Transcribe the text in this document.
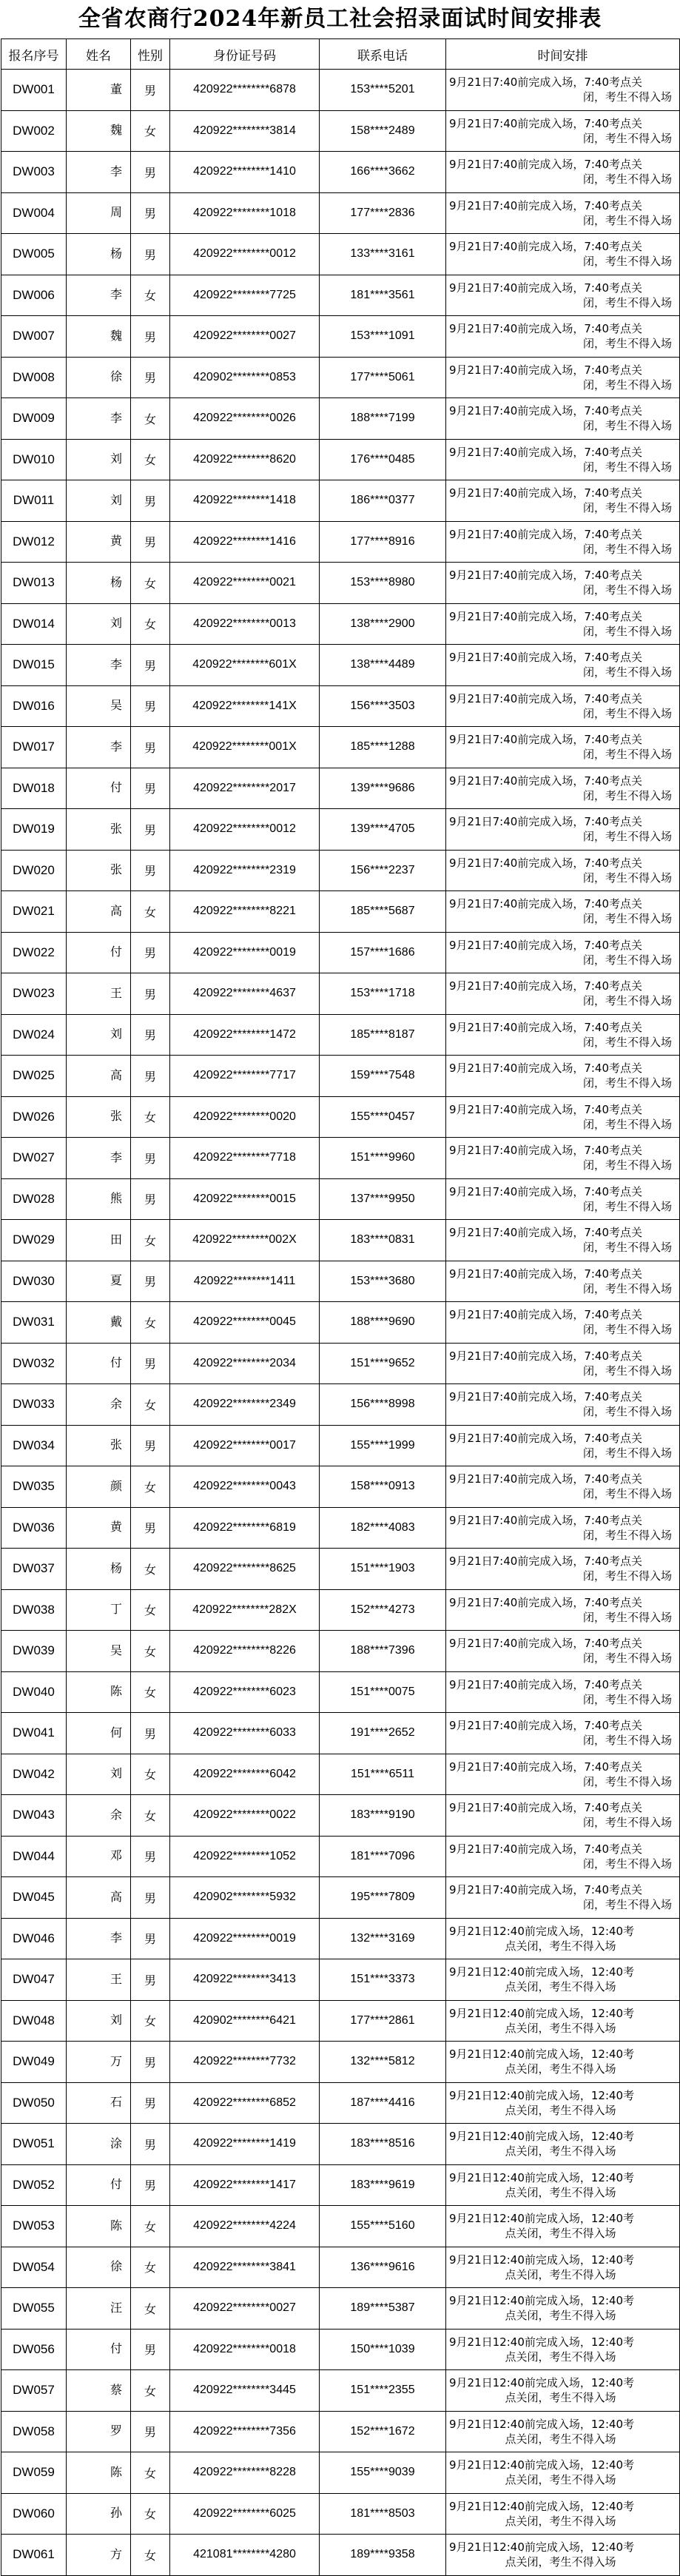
全省农商行2024年新员工社会招录面试时间安排表
报名序号	姓名	性别	身份证号码	联系电话	时间安排
DW001	董	男	420922********6878	153****5201	9月21日7:40前完成入场，7:40考点关
闭，考生不得入场

DW002	魏	女	420922********3814	158****2489	9月21日7:40前完成入场，7:40考点关
闭，考生不得入场

DW003	李	男	420922********1410	166****3662	9月21日7:40前完成入场，7:40考点关
闭，考生不得入场

DW004	周	男	420922********1018	177****2836	9月21日7:40前完成入场，7:40考点关
闭，考生不得入场

DW005	杨	男	420922********0012	133****3161	9月21日7:40前完成入场，7:40考点关
闭，考生不得入场

DW006	李	女	420922********7725	181****3561	9月21日7:40前完成入场，7:40考点关
闭，考生不得入场

DW007	魏	男	420922********0027	153****1091	9月21日7:40前完成入场，7:40考点关
闭，考生不得入场

DW008	徐	男	420902********0853	177****5061	9月21日7:40前完成入场，7:40考点关
闭，考生不得入场

DW009	李	女	420922********0026	188****7199	9月21日7:40前完成入场，7:40考点关
闭，考生不得入场

DW010	刘	女	420922********8620	176****0485	9月21日7:40前完成入场，7:40考点关
闭，考生不得入场

DW011	刘	男	420922********1418	186****0377	9月21日7:40前完成入场，7:40考点关
闭，考生不得入场

DW012	黄	男	420922********1416	177****8916	9月21日7:40前完成入场，7:40考点关
闭，考生不得入场

DW013	杨	女	420922********0021	153****8980	9月21日7:40前完成入场，7:40考点关
闭，考生不得入场

DW014	刘	女	420922********0013	138****2900	9月21日7:40前完成入场，7:40考点关
闭，考生不得入场

DW015	李	男	420922********601X	138****4489	9月21日7:40前完成入场，7:40考点关
闭，考生不得入场

DW016	吴	男	420922********141X	156****3503	9月21日7:40前完成入场，7:40考点关
闭，考生不得入场

DW017	李	男	420922********001X	185****1288	9月21日7:40前完成入场，7:40考点关
闭，考生不得入场

DW018	付	男	420922********2017	139****9686	9月21日7:40前完成入场，7:40考点关
闭，考生不得入场

DW019	张	男	420922********0012	139****4705	9月21日7:40前完成入场，7:40考点关
闭，考生不得入场

DW020	张	男	420922********2319	156****2237	9月21日7:40前完成入场，7:40考点关
闭，考生不得入场

DW021	高	女	420922********8221	185****5687	9月21日7:40前完成入场，7:40考点关
闭，考生不得入场

DW022	付	男	420922********0019	157****1686	9月21日7:40前完成入场，7:40考点关
闭，考生不得入场

DW023	王	男	420922********4637	153****1718	9月21日7:40前完成入场，7:40考点关
闭，考生不得入场

DW024	刘	男	420922********1472	185****8187	9月21日7:40前完成入场，7:40考点关
闭，考生不得入场

DW025	高	男	420922********7717	159****7548	9月21日7:40前完成入场，7:40考点关
闭，考生不得入场

DW026	张	女	420922********0020	155****0457	9月21日7:40前完成入场，7:40考点关
闭，考生不得入场

DW027	李	男	420922********7718	151****9960	9月21日7:40前完成入场，7:40考点关
闭，考生不得入场

DW028	熊	男	420922********0015	137****9950	9月21日7:40前完成入场，7:40考点关
闭，考生不得入场

DW029	田	女	420922********002X	183****0831	9月21日7:40前完成入场，7:40考点关
闭，考生不得入场

DW030	夏	男	420922********1411	153****3680	9月21日7:40前完成入场，7:40考点关
闭，考生不得入场

DW031	戴	女	420922********0045	188****9690	9月21日7:40前完成入场，7:40考点关
闭，考生不得入场

DW032	付	男	420922********2034	151****9652	9月21日7:40前完成入场，7:40考点关
闭，考生不得入场

DW033	余	女	420922********2349	156****8998	9月21日7:40前完成入场，7:40考点关
闭，考生不得入场

DW034	张	男	420922********0017	155****1999	9月21日7:40前完成入场，7:40考点关
闭，考生不得入场

DW035	颜	女	420922********0043	158****0913	9月21日7:40前完成入场，7:40考点关
闭，考生不得入场

DW036	黄	男	420922********6819	182****4083	9月21日7:40前完成入场，7:40考点关
闭，考生不得入场

DW037	杨	女	420922********8625	151****1903	9月21日7:40前完成入场，7:40考点关
闭，考生不得入场

DW038	丁	女	420922********282X	152****4273	9月21日7:40前完成入场，7:40考点关
闭，考生不得入场

DW039	吴	女	420922********8226	188****7396	9月21日7:40前完成入场，7:40考点关
闭，考生不得入场

DW040	陈	女	420922********6023	151****0075	9月21日7:40前完成入场，7:40考点关
闭，考生不得入场

DW041	何	男	420922********6033	191****2652	9月21日7:40前完成入场，7:40考点关
闭，考生不得入场

DW042	刘	女	420922********6042	151****6511	9月21日7:40前完成入场，7:40考点关
闭，考生不得入场

DW043	余	女	420922********0022	183****9190	9月21日7:40前完成入场，7:40考点关
闭，考生不得入场

DW044	邓	男	420922********1052	181****7096	9月21日7:40前完成入场，7:40考点关
闭，考生不得入场

DW045	高	男	420902********5932	195****7809	9月21日7:40前完成入场，7:40考点关
闭，考生不得入场

DW046	李	男	420922********0019	132****3169	9月21日12:40前完成入场，12:40考
点关闭，考生不得入场

DW047	王	男	420922********3413	151****3373	9月21日12:40前完成入场，12:40考
点关闭，考生不得入场

DW048	刘	女	420902********6421	177****2861	9月21日12:40前完成入场，12:40考
点关闭，考生不得入场

DW049	万	男	420922********7732	132****5812	9月21日12:40前完成入场，12:40考
点关闭，考生不得入场

DW050	石	男	420922********6852	187****4416	9月21日12:40前完成入场，12:40考
点关闭，考生不得入场

DW051	涂	男	420922********1419	183****8516	9月21日12:40前完成入场，12:40考
点关闭，考生不得入场

DW052	付	男	420922********1417	183****9619	9月21日12:40前完成入场，12:40考
点关闭，考生不得入场

DW053	陈	女	420922********4224	155****5160	9月21日12:40前完成入场，12:40考
点关闭，考生不得入场

DW054	徐	女	420922********3841	136****9616	9月21日12:40前完成入场，12:40考
点关闭，考生不得入场

DW055	汪	女	420922********0027	189****5387	9月21日12:40前完成入场，12:40考
点关闭，考生不得入场

DW056	付	男	420922********0018	150****1039	9月21日12:40前完成入场，12:40考
点关闭，考生不得入场

DW057	蔡	女	420922********3445	151****2355	9月21日12:40前完成入场，12:40考
点关闭，考生不得入场

DW058	罗	男	420922********7356	152****1672	9月21日12:40前完成入场，12:40考
点关闭，考生不得入场

DW059	陈	女	420922********8228	155****9039	9月21日12:40前完成入场，12:40考
点关闭，考生不得入场

DW060	孙	女	420922********6025	181****8503	9月21日12:40前完成入场，12:40考
点关闭，考生不得入场

DW061	方	女	421081********4280	189****9358	9月21日12:40前完成入场，12:40考
点关闭，考生不得入场
